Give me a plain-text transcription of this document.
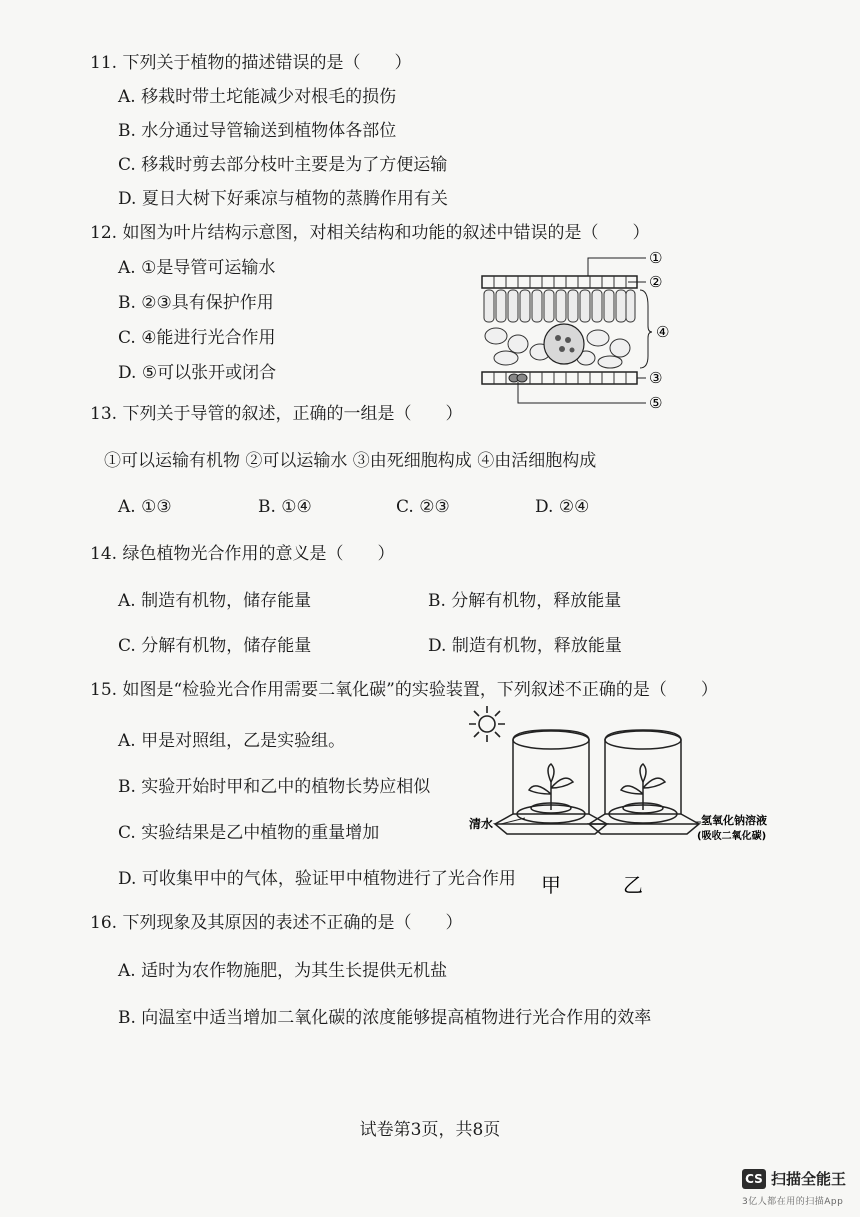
11. 下列关于植物的描述错误的是（　　）
A. 移栽时带土坨能减少对根毛的损伤
B. 水分通过导管输送到植物体各部位
C. 移栽时剪去部分枝叶主要是为了方便运输
D. 夏日大树下好乘凉与植物的蒸腾作用有关
12. 如图为叶片结构示意图，对相关结构和功能的叙述中错误的是（　　）
A. ①是导管可运输水
B. ②③具有保护作用
C. ④能进行光合作用
D. ⑤可以张开或闭合
①
②
④
③
⑤
13. 下列关于导管的叙述，正确的一组是（　　）
①可以运输有机物 ②可以运输水 ③由死细胞构成 ④由活细胞构成
A. ①③	B. ①④	C. ②③	D. ②④
14. 绿色植物光合作用的意义是（　　）
A. 制造有机物，储存能量	B. 分解有机物，释放能量
C. 分解有机物，储存能量	D. 制造有机物，释放能量
15. 如图是“检验光合作用需要二氧化碳”的实验装置，下列叙述不正确的是（　　）
A. 甲是对照组，乙是实验组。
B. 实验开始时甲和乙中的植物长势应相似
C. 实验结果是乙中植物的重量增加
D. 可收集甲中的气体，验证甲中植物进行了光合作用
清水	氢氧化钠溶液
(吸收二氧化碳)
甲	乙
16. 下列现象及其原因的表述不正确的是（　　）
A. 适时为农作物施肥，为其生长提供无机盐
B. 向温室中适当增加二氧化碳的浓度能够提高植物进行光合作用的效率
试卷第3页，共8页
CS 扫描全能王
3亿人都在用的扫描App
